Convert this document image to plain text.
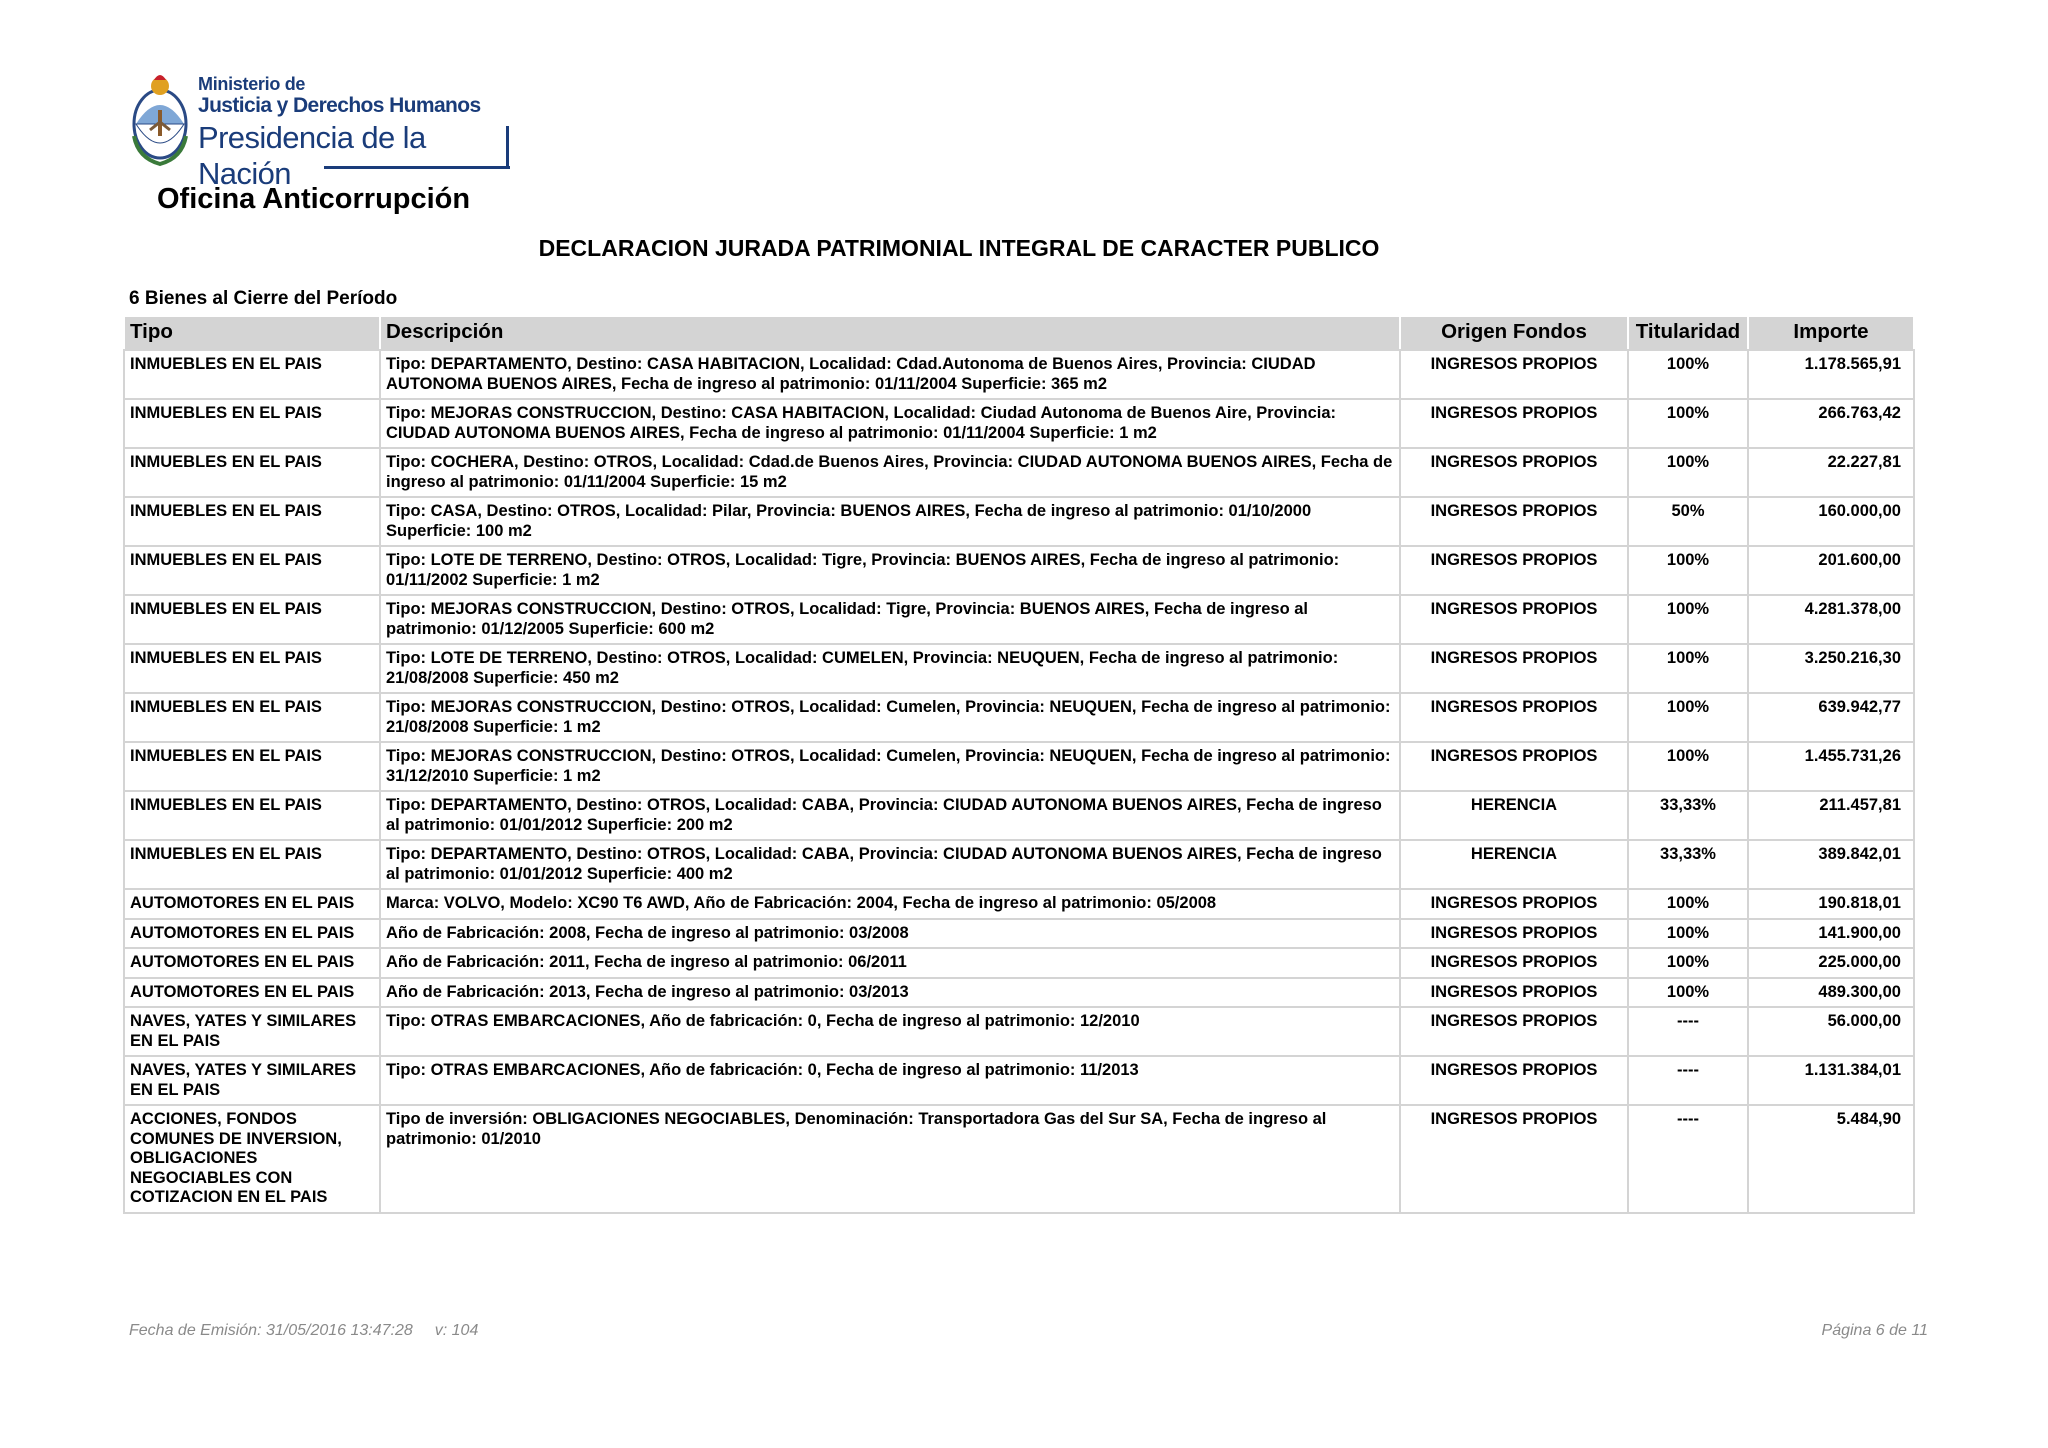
Ministerio de
Justicia y Derechos Humanos
Presidencia de la Nación
Oficina Anticorrupción
DECLARACION JURADA PATRIMONIAL INTEGRAL DE CARACTER PUBLICO
6 Bienes al Cierre del Período
Tipo	Descripción	Origen Fondos	Titularidad	Importe
INMUEBLES EN EL PAIS	Tipo: DEPARTAMENTO, Destino: CASA HABITACION, Localidad: Cdad.Autonoma de Buenos Aires, Provincia: CIUDAD AUTONOMA BUENOS AIRES, Fecha de ingreso al patrimonio: 01/11/2004 Superficie: 365 m2	INGRESOS PROPIOS	100%	1.178.565,91
INMUEBLES EN EL PAIS	Tipo: MEJORAS CONSTRUCCION, Destino: CASA HABITACION, Localidad: Ciudad Autonoma de Buenos Aire, Provincia: CIUDAD AUTONOMA BUENOS AIRES, Fecha de ingreso al patrimonio: 01/11/2004 Superficie: 1 m2	INGRESOS PROPIOS	100%	266.763,42
INMUEBLES EN EL PAIS	Tipo: COCHERA, Destino: OTROS, Localidad: Cdad.de Buenos Aires, Provincia: CIUDAD AUTONOMA BUENOS AIRES, Fecha de ingreso al patrimonio: 01/11/2004 Superficie: 15 m2	INGRESOS PROPIOS	100%	22.227,81
INMUEBLES EN EL PAIS	Tipo: CASA, Destino: OTROS, Localidad: Pilar, Provincia: BUENOS AIRES, Fecha de ingreso al patrimonio: 01/10/2000 Superficie: 100 m2	INGRESOS PROPIOS	50%	160.000,00
INMUEBLES EN EL PAIS	Tipo: LOTE DE TERRENO, Destino: OTROS, Localidad: Tigre, Provincia: BUENOS AIRES, Fecha de ingreso al patrimonio: 01/11/2002 Superficie: 1 m2	INGRESOS PROPIOS	100%	201.600,00
INMUEBLES EN EL PAIS	Tipo: MEJORAS CONSTRUCCION, Destino: OTROS, Localidad: Tigre, Provincia: BUENOS AIRES, Fecha de ingreso al patrimonio: 01/12/2005 Superficie: 600 m2	INGRESOS PROPIOS	100%	4.281.378,00
INMUEBLES EN EL PAIS	Tipo: LOTE DE TERRENO, Destino: OTROS, Localidad: CUMELEN, Provincia: NEUQUEN, Fecha de ingreso al patrimonio: 21/08/2008 Superficie: 450 m2	INGRESOS PROPIOS	100%	3.250.216,30
INMUEBLES EN EL PAIS	Tipo: MEJORAS CONSTRUCCION, Destino: OTROS, Localidad: Cumelen, Provincia: NEUQUEN, Fecha de ingreso al patrimonio: 21/08/2008 Superficie: 1 m2	INGRESOS PROPIOS	100%	639.942,77
INMUEBLES EN EL PAIS	Tipo: MEJORAS CONSTRUCCION, Destino: OTROS, Localidad: Cumelen, Provincia: NEUQUEN, Fecha de ingreso al patrimonio: 31/12/2010 Superficie: 1 m2	INGRESOS PROPIOS	100%	1.455.731,26
INMUEBLES EN EL PAIS	Tipo: DEPARTAMENTO, Destino: OTROS, Localidad: CABA, Provincia: CIUDAD AUTONOMA BUENOS AIRES, Fecha de ingreso al patrimonio: 01/01/2012 Superficie: 200 m2	HERENCIA	33,33%	211.457,81
INMUEBLES EN EL PAIS	Tipo: DEPARTAMENTO, Destino: OTROS, Localidad: CABA, Provincia: CIUDAD AUTONOMA BUENOS AIRES, Fecha de ingreso al patrimonio: 01/01/2012 Superficie: 400 m2	HERENCIA	33,33%	389.842,01
AUTOMOTORES EN EL PAIS	Marca: VOLVO, Modelo: XC90 T6 AWD, Año de Fabricación: 2004, Fecha de ingreso al patrimonio: 05/2008	INGRESOS PROPIOS	100%	190.818,01
AUTOMOTORES EN EL PAIS	Año de Fabricación: 2008, Fecha de ingreso al patrimonio: 03/2008	INGRESOS PROPIOS	100%	141.900,00
AUTOMOTORES EN EL PAIS	Año de Fabricación: 2011, Fecha de ingreso al patrimonio: 06/2011	INGRESOS PROPIOS	100%	225.000,00
AUTOMOTORES EN EL PAIS	Año de Fabricación: 2013, Fecha de ingreso al patrimonio: 03/2013	INGRESOS PROPIOS	100%	489.300,00
NAVES, YATES Y SIMILARES EN EL PAIS	Tipo: OTRAS EMBARCACIONES, Año de fabricación: 0, Fecha de ingreso al patrimonio: 12/2010	INGRESOS PROPIOS	----	56.000,00
NAVES, YATES Y SIMILARES EN EL PAIS	Tipo: OTRAS EMBARCACIONES, Año de fabricación: 0, Fecha de ingreso al patrimonio: 11/2013	INGRESOS PROPIOS	----	1.131.384,01
ACCIONES, FONDOS COMUNES DE INVERSION, OBLIGACIONES NEGOCIABLES CON COTIZACION EN EL PAIS	Tipo de inversión: OBLIGACIONES NEGOCIABLES, Denominación: Transportadora Gas del Sur SA, Fecha de ingreso al patrimonio: 01/2010	INGRESOS PROPIOS	----	5.484,90
Fecha de Emisión: 31/05/2016 13:47:28 v: 104	Página 6 de 11
